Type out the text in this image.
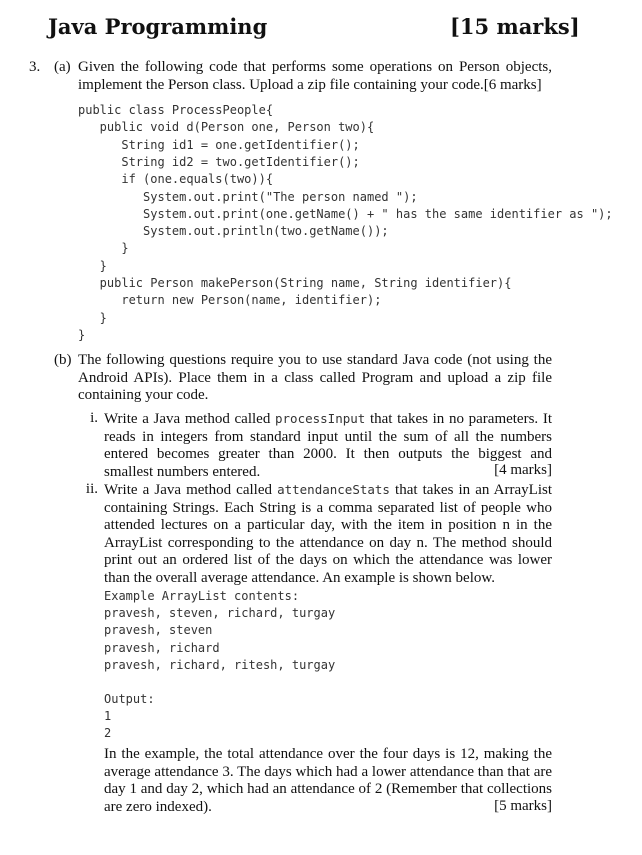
Java Programming	[15 marks]
3. (a) Given the following code that performs some operations on Person objects, implement the Person class. Upload a zip file containing your code.[6 marks]
public class ProcessPeople{
public void d(Person one, Person two){
String id1 = one.getIdentifier();
String id2 = two.getIdentifier();
if (one.equals(two)){
System.out.print("The person named ");
System.out.print(one.getName() + " has the same identifier as ");
System.out.println(two.getName());
}
}
public Person makePerson(String name, String identifier){
return new Person(name, identifier);
}
}
(b) The following questions require you to use standard Java code (not using the Android APIs). Place them in a class called Program and upload a zip file containing your code.
i. Write a Java method called processInput that takes in no parameters. It reads in integers from standard input until the sum of all the numbers entered becomes greater than 2000. It then outputs the biggest and smallest numbers entered.	[4 marks]
ii. Write a Java method called attendanceStats that takes in an ArrayList containing Strings. Each String is a comma separated list of people who attended lectures on a particular day, with the item in position n in the ArrayList corresponding to the attendance on day n. The method should print out an ordered list of the days on which the attendance was lower than the overall average attendance. An example is shown below.
Example ArrayList contents:
pravesh, steven, richard, turgay
pravesh, steven
pravesh, richard
pravesh, richard, ritesh, turgay
Output:
1
2
In the example, the total attendance over the four days is 12, making the average attendance 3. The days which had a lower attendance than that are day 1 and day 2, which had an attendance of 2 (Remember that collections are zero indexed).	[5 marks]
